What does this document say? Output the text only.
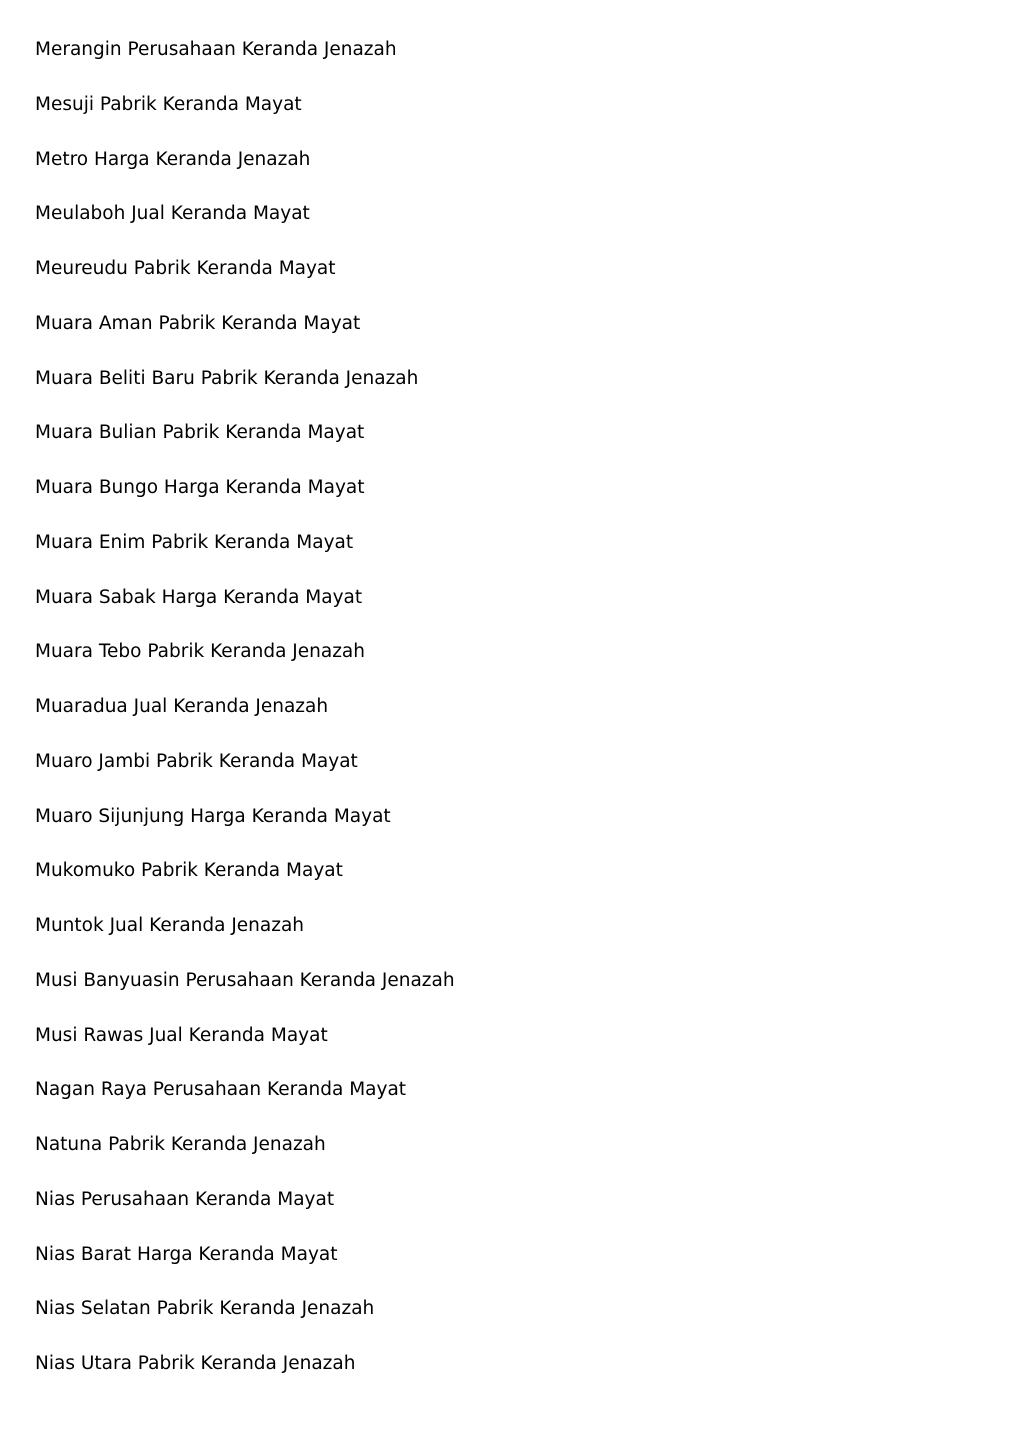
Merangin Perusahaan Keranda Jenazah
Mesuji Pabrik Keranda Mayat
Metro Harga Keranda Jenazah
Meulaboh Jual Keranda Mayat
Meureudu Pabrik Keranda Mayat
Muara Aman Pabrik Keranda Mayat
Muara Beliti Baru Pabrik Keranda Jenazah
Muara Bulian Pabrik Keranda Mayat
Muara Bungo Harga Keranda Mayat
Muara Enim Pabrik Keranda Mayat
Muara Sabak Harga Keranda Mayat
Muara Tebo Pabrik Keranda Jenazah
Muaradua Jual Keranda Jenazah
Muaro Jambi Pabrik Keranda Mayat
Muaro Sijunjung Harga Keranda Mayat
Mukomuko Pabrik Keranda Mayat
Muntok Jual Keranda Jenazah
Musi Banyuasin Perusahaan Keranda Jenazah
Musi Rawas Jual Keranda Mayat
Nagan Raya Perusahaan Keranda Mayat
Natuna Pabrik Keranda Jenazah
Nias Perusahaan Keranda Mayat
Nias Barat Harga Keranda Mayat
Nias Selatan Pabrik Keranda Jenazah
Nias Utara Pabrik Keranda Jenazah
